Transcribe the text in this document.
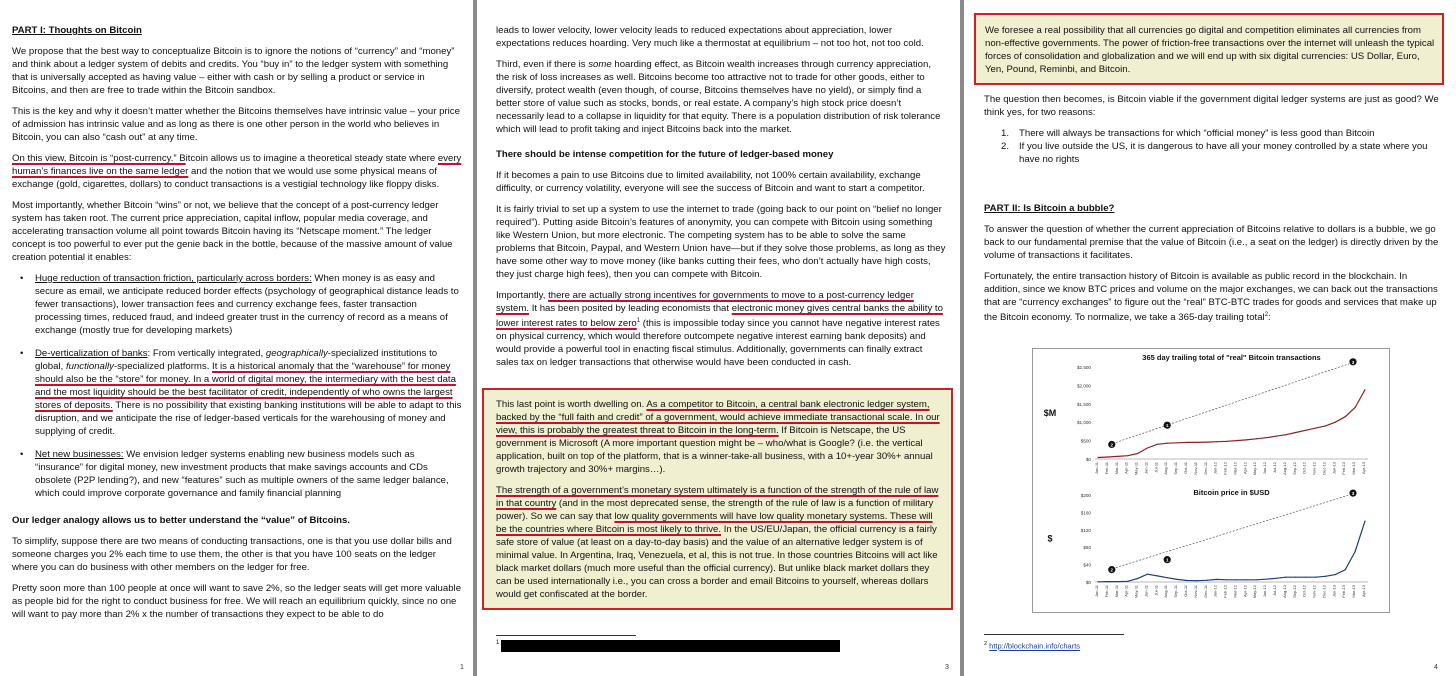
PART I: Thoughts on Bitcoin

We propose that the best way to conceptualize Bitcoin is to ignore the notions of “currency” and “money” and think about a ledger system of debits and credits. You “buy in” to the ledger system with something that is universally accepted as having value – either with cash or by selling a product or service in Bitcoins, and then are free to trade within the Bitcoin sandbox.

This is the key and why it doesn’t matter whether the Bitcoins themselves have intrinsic value – your price of admission has intrinsic value and as long as there is one other person in the world who believes in Bitcoin, you can also “cash out” at any time.

On this view, Bitcoin is “post-currency.” Bitcoin allows us to imagine a theoretical steady state where every human’s finances live on the same ledger and the notion that we would use some physical means of exchange (gold, cigarettes, dollars) to conduct transactions is a vestigial technology like floppy disks.

Most importantly, whether Bitcoin “wins” or not, we believe that the concept of a post-currency ledger system has taken root. The current price appreciation, capital inflow, popular media coverage, and accelerating transaction volume all point towards Bitcoin having its “Netscape moment.” The ledger concept is too powerful to ever put the genie back in the bottle, because of the massive amount of value creation potential it enables:

• Huge reduction of transaction friction, particularly across borders: When money is as easy and secure as email, we anticipate reduced border effects (psychology of geographical distance leads to fewer transactions), lower transaction fees and currency exchange fees, faster transaction processing times, reduced fraud, and indeed greater trust in the currency of record as a means of exchange (mostly true for developing markets)
• De-verticalization of banks: From vertically integrated, geographically-specialized institutions to global, functionally-specialized platforms. It is a historical anomaly that the “warehouse” for money should also be the “store” for money. In a world of digital money, the intermediary with the best data and the most liquidity should be the best facilitator of credit, independently of who owns the largest stores of deposits. There is no possibility that existing banking institutions will be able to adapt to this disruption, and we anticipate the rise of ledger-based verticals for the warehousing of money and supplying of credit.
• Net new businesses: We envision ledger systems enabling new business models such as “insurance” for digital money, new investment products that make savings accounts and CDs obsolete (P2P lending?), and new “features” such as multiple owners of the same ledger balance, which could improve corporate governance and family financial planning

Our ledger analogy allows us to better understand the “value” of Bitcoins.

To simplify, suppose there are two means of conducting transactions, one is that you use dollar bills and someone charges you 2% each time to use them, the other is that you have 100 seats on the ledger where you can do business with other members on the ledger for free.

Pretty soon more than 100 people at once will want to save 2%, so the ledger seats will get more valuable as people bid for the right to conduct business for free. We will reach an equilibrium quickly, since no one will want to pay more than 2% x the number of transactions they expect to be able to do

1

leads to lower velocity, lower velocity leads to reduced expectations about appreciation, lower expectations reduces hoarding. Very much like a thermostat at equilibrium – not too hot, not too cold.

Third, even if there is some hoarding effect, as Bitcoin wealth increases through currency appreciation, the risk of loss increases as well. Bitcoins become too attractive not to trade for other goods, either to diversify, protect wealth (even though, of course, Bitcoins themselves have no yield), or simply find a better store of value such as stocks, bonds, or real estate. A company’s high stock price doesn’t necessarily lead to a collapse in liquidity for that equity. There is a population distribution of risk tolerance which will lead to profit taking and inject Bitcoins back into the market.

There should be intense competition for the future of ledger-based money

If it becomes a pain to use Bitcoins due to limited availability, not 100% certain availability, exchange difficulty, or currency volatility, everyone will see the success of Bitcoin and want to start a competitor.

It is fairly trivial to set up a system to use the internet to trade (going back to our point on “belief no longer required”). Putting aside Bitcoin’s features of anonymity, you can compete with Bitcoin using something like Western Union, but more electronic. The competing system has to be able to solve the same problems that Bitcoin, Paypal, and Western Union have—but if they solve those problems, as long as they have some other way to move money (like banks cutting their fees, who don’t actually have high costs, they just charge high fees), then you can compete with Bitcoin.

Importantly, there are actually strong incentives for governments to move to a post-currency ledger system. It has been posited by leading economists that electronic money gives central banks the ability to lower interest rates to below zero$^1$ (this is impossible today since you cannot have negative interest rates on physical currency, which would therefore outcompete negative interest earning bank deposits) and would provide a powerful tool in enacting fiscal stimulus. Additionally, governments can finally extract sales tax on ledger transactions that otherwise would have been conducted in cash.

This last point is worth dwelling on. As a competitor to Bitcoin, a central bank electronic ledger system, backed by the “full faith and credit” of a government, would achieve immediate transactional scale. In our view, this is probably the greatest threat to Bitcoin in the long-term. If Bitcoin is Netscape, the US government is Microsoft (A more important question might be – who/what is Google? (i.e. the vertical application, built on top of the platform, that is a winner-take-all business, with a 10+-year 30%+ annual growth trajectory and 30%+ margins…).

The strength of a government’s monetary system ultimately is a function of the strength of the rule of law in that country (and in the most deprecated sense, the strength of the rule of law is a function of military power). So we can say that low quality governments will have low quality monetary systems. These will be the countries where Bitcoin is most likely to thrive. In the US/EU/Japan, the official currency is a fairly safe store of value (at least on a day-to-day basis) and the value of an alternative ledger system is of minimal value. In Argentina, Iraq, Venezuela, et al, this is not true. In those countries Bitcoins will act like black market dollars (much more useful than the official currency). But unlike black market dollars they can be used internationally i.e., you can cross a border and email Bitcoins to yourself, whereas dollars would get confiscated at the border.

1
3
We foresee a real possibility that all currencies go digital and competition eliminates all currencies from non-effective governments. The power of friction-free transactions over the internet will unleash the typical forces of consolidation and globalization and we will end up with six digital currencies: US Dollar, Euro, Yen, Pound, Reminbi, and Bitcoin.

The question then becomes, is Bitcoin viable if the government digital ledger systems are just as good? We think yes, for two reasons:

1. There will always be transactions for which “official money” is less good than Bitcoin
2. If you live outside the US, it is dangerous to have all your money controlled by a state where you have no rights

PART II: Is Bitcoin a bubble?

To answer the question of whether the current appreciation of Bitcoins relative to dollars is a bubble, we go back to our fundamental premise that the value of Bitcoin (i.e., a seat on the ledger) is directly driven by the volume of transactions it facilitates.

Fortunately, the entire transaction history of Bitcoin is available as public record in the blockchain. In addition, since we know BTC prices and volume on the major exchanges, we can back out the transactions that are “currency exchanges” to figure out the “real” BTC-BTC trades for goods and services that make up the Bitcoin economy. To normalize, we take a 365-day trailing total$^2$:

365 day trailing total of "real" Bitcoin transactions
$M
$0
$500
$1,000
$1,500
$2,000
$2,500
Jan-11 Feb-11 Mar-11 Apr-11 May-11 Jun-11 Jul-11 Aug-11 Sep-11 Oct-11 Nov-11 Dec-11 Jan-12 Feb-12 Mar-12 Apr-12 May-12 Jun-12 Jul-12 Aug-12 Sep-12 Oct-12 Nov-12 Dec-12 Jan-13 Feb-13 Mar-13 Apr-13
1
2
3
Bitcoin price in $USD
$
$0
$40
$80
$120
$160
$200
Jan-11 Feb-11 Mar-11 Apr-11 May-11 Jun-11 Jul-11 Aug-11 Sep-11 Oct-11 Nov-11 Dec-11 Jan-12 Feb-12 Mar-12 Apr-12 May-12 Jun-12 Jul-12 Aug-12 Sep-12 Oct-12 Nov-12 Dec-12 Jan-13 Feb-13 Mar-13 Apr-13
1
2
3
$^2$ http://blockchain.info/charts
4
